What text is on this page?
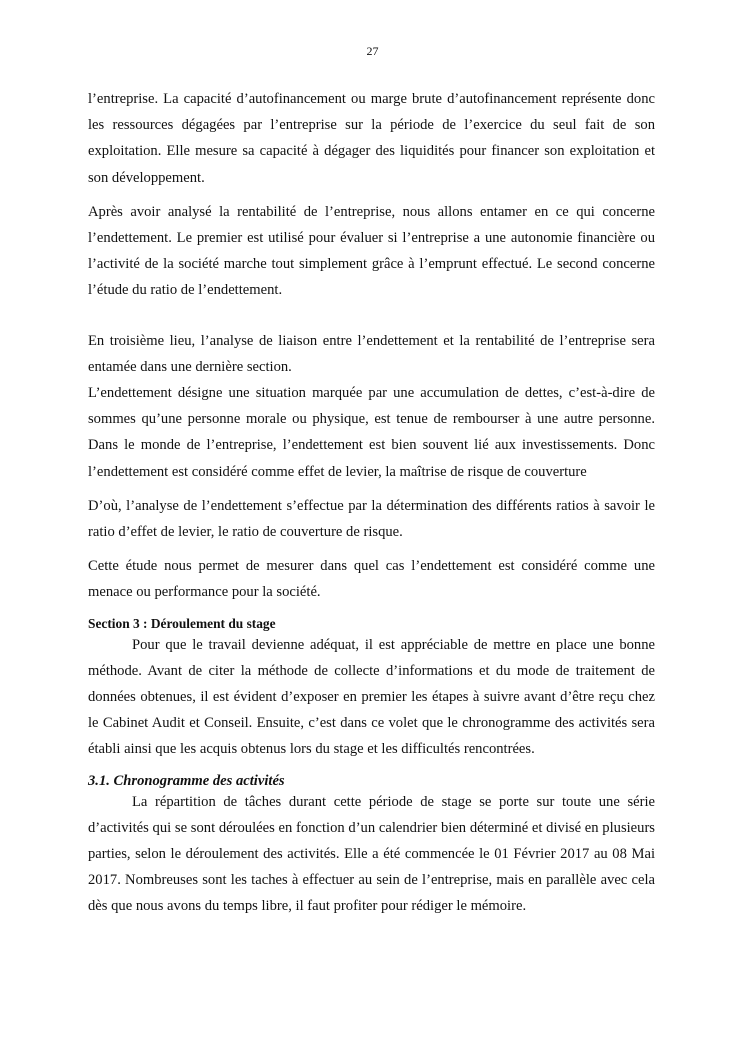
27

l’entreprise. La capacité d’autofinancement ou marge brute d’autofinancement représente donc les ressources dégagées par l’entreprise sur la période de l’exercice du seul fait de son exploitation. Elle mesure sa capacité à dégager des liquidités pour financer son exploitation et son développement.

Après avoir analysé la rentabilité de l’entreprise, nous allons entamer en ce qui concerne l’endettement. Le premier est utilisé pour évaluer si l’entreprise a une autonomie financière ou l’activité de la société marche tout simplement grâce à l’emprunt effectué. Le second concerne l’étude du ratio de l’endettement.

En troisième lieu, l’analyse de liaison entre l’endettement et la rentabilité de l’entreprise sera entamée dans une dernière section.

L’endettement désigne une situation marquée par une accumulation de dettes, c’est-à-dire de sommes qu’une personne morale ou physique, est tenue de rembourser à une autre personne. Dans le monde de l’entreprise, l’endettement est bien souvent lié aux investissements. Donc l’endettement est considéré comme effet de levier, la maîtrise de risque de couverture

D’où, l’analyse de l’endettement s’effectue par la détermination des différents ratios à savoir le ratio d’effet de levier, le ratio de couverture de risque.

Cette étude nous permet de mesurer dans quel cas l’endettement est considéré comme une menace ou performance pour la société.

Section 3 : Déroulement du stage

Pour que le travail devienne adéquat, il est appréciable de mettre en place une bonne méthode. Avant de citer la méthode de collecte d’informations et du mode de traitement de données obtenues, il est évident d’exposer en premier les étapes à suivre avant d’être reçu chez le Cabinet Audit et Conseil. Ensuite, c’est dans ce volet que le chronogramme des activités sera établi ainsi que les acquis obtenus lors du stage et les difficultés rencontrées.

3.1. Chronogramme des activités

La répartition de tâches durant cette période de stage se porte sur toute une série d’activités qui se sont déroulées en fonction d’un calendrier bien déterminé et divisé en plusieurs parties, selon le déroulement des activités. Elle a été commencée le 01 Février 2017 au 08 Mai 2017. Nombreuses sont les taches à effectuer au sein de l’entreprise, mais en parallèle avec cela dès que nous avons du temps libre, il faut profiter pour rédiger le mémoire.
